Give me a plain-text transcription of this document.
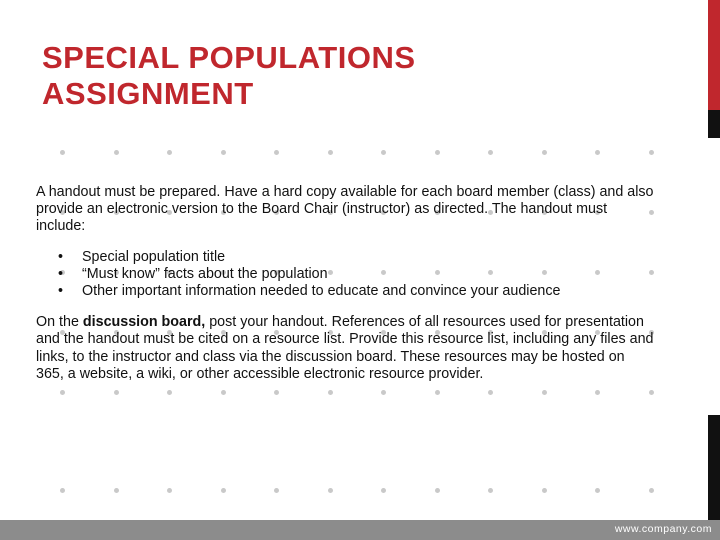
SPECIAL POPULATIONS
ASSIGNMENT

A handout must be prepared. Have a hard copy available for each board member (class) and also provide an electronic version to the Board Chair (instructor) as directed. The handout must include:

• Special population title
• “Must know” facts about the population
• Other important information needed to educate and convince your audience

On the discussion board, post your handout. References of all resources used for presentation and the handout must be cited on a resource list. Provide this resource list, including any files and links, to the instructor and class via the discussion board. These resources may be hosted on 365, a website, a wiki, or other accessible electronic resource provider.

www.company.com
